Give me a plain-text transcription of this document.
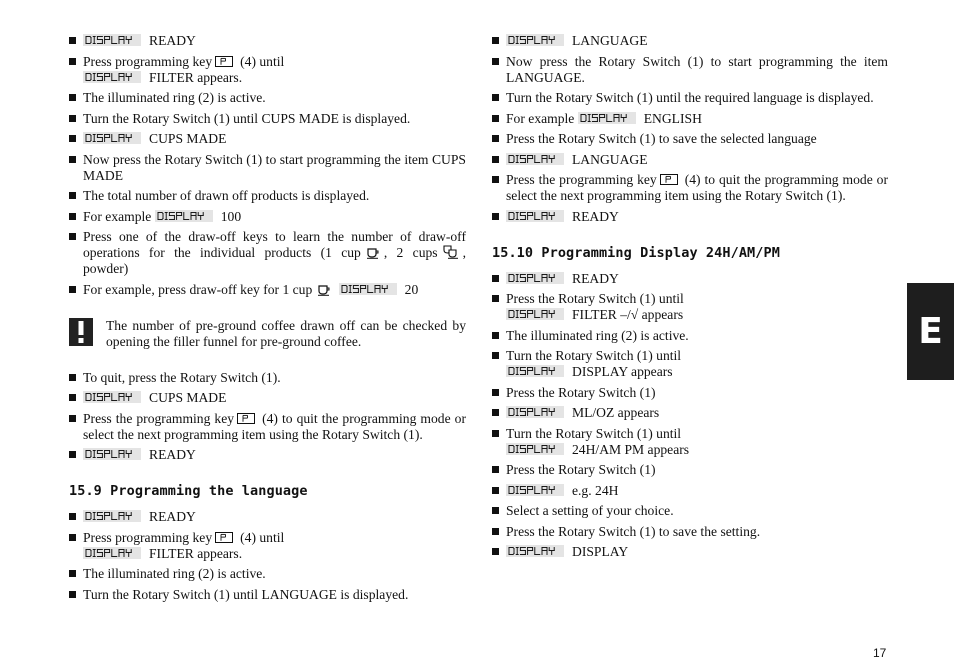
READY
Press programming key (4) until
FILTER appears.
The illuminated ring (2) is active.
Turn the Rotary Switch (1) until CUPS MADE is displayed.
CUPS MADE
Now press the Rotary Switch (1) to start programming the item CUPS MADE
The total number of drawn off products is displayed.
For example	100
Press one of the draw-off keys to learn the number of draw-off operations for the individual products (1 cup , 2 cups , powder)
For example, press draw-off key for 1 cup
	20
The number of pre-ground coffee drawn off can be checked by opening the filler funnel for pre-ground coffee.
To quit, press the Rotary Switch (1).
CUPS MADE
Press the programming key (4) to quit the programming mode or select the next programming item using the Rotary Switch (1).
READY
15.9 Programming the language
READY
Press programming key (4) until
FILTER appears.
The illuminated ring (2) is active.
Turn the Rotary Switch (1) until LANGUAGE is displayed.
LANGUAGE
Now press the Rotary Switch (1) to start programming the item LANGUAGE.
Turn the Rotary Switch (1) until the required language is displayed.
For example	ENGLISH
Press the Rotary Switch (1) to save the selected language
LANGUAGE
Press the programming key (4) to quit the programming mode or select the next programming item using the Rotary Switch (1).
READY
15.10 Programming Display 24H/AM/PM
READY
Press the Rotary Switch (1) until
FILTER –/√ appears
The illuminated ring (2) is active.
Turn the Rotary Switch (1) until
DISPLAY appears
Press the Rotary Switch (1)
ML/OZ appears
Turn the Rotary Switch (1) until
24H/AM PM appears
Press the Rotary Switch (1)
e.g. 24H
Select a setting of your choice.
Press the Rotary Switch (1) to save the setting.
DISPLAY
E
17
